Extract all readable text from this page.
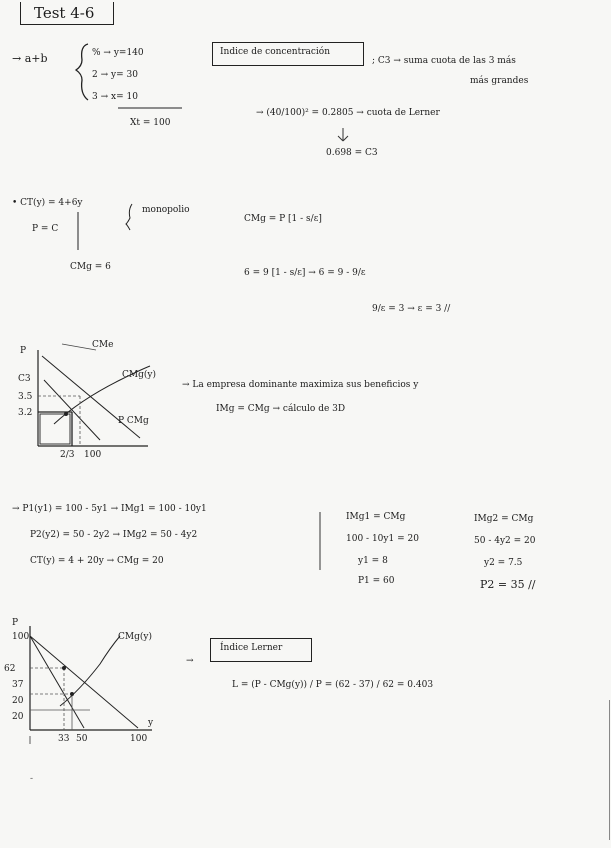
Test 4-6
→ a+b	% → y=140
2 → y= 30
3 → x= 10
Xt = 100
Indice de concentración
; C3 → suma cuota de las 3 más
más grandes
→ (40/100)² = 0.2805 → cuota de Lerner
0.698 = C3
• CT(y) = 4+6y
P = C
monopolio
CMg = 6
CMg = P [1 - s/ε]
6 = 9 [1 - s/ε] → 6 = 9 - 9/ε
9/ε = 3 → ε = 3 //
P
CMe
CMg(y)
P CMg
C3
3.5
3.2
2/3 100
→ La empresa dominante maximiza sus beneficios y
IMg = CMg → cálculo de 3D
→ P1(y1) = 100 - 5y1 → IMg1 = 100 - 10y1
P2(y2) = 50 - 2y2 → IMg2 = 50 - 4y2
CT(y) = 4 + 20y → CMg = 20
IMg1 = CMg
100 - 10y1 = 20
y1 = 8
P1 = 60
IMg2 = CMg
50 - 4y2 = 20
y2 = 7.5
P2 = 35 //
P
100	CMg(y)
62
37
20
20
33 50	100
y
→
Índice Lerner
L = (P - CMg(y)) / P = (62 - 37) / 62 = 0.403
-
